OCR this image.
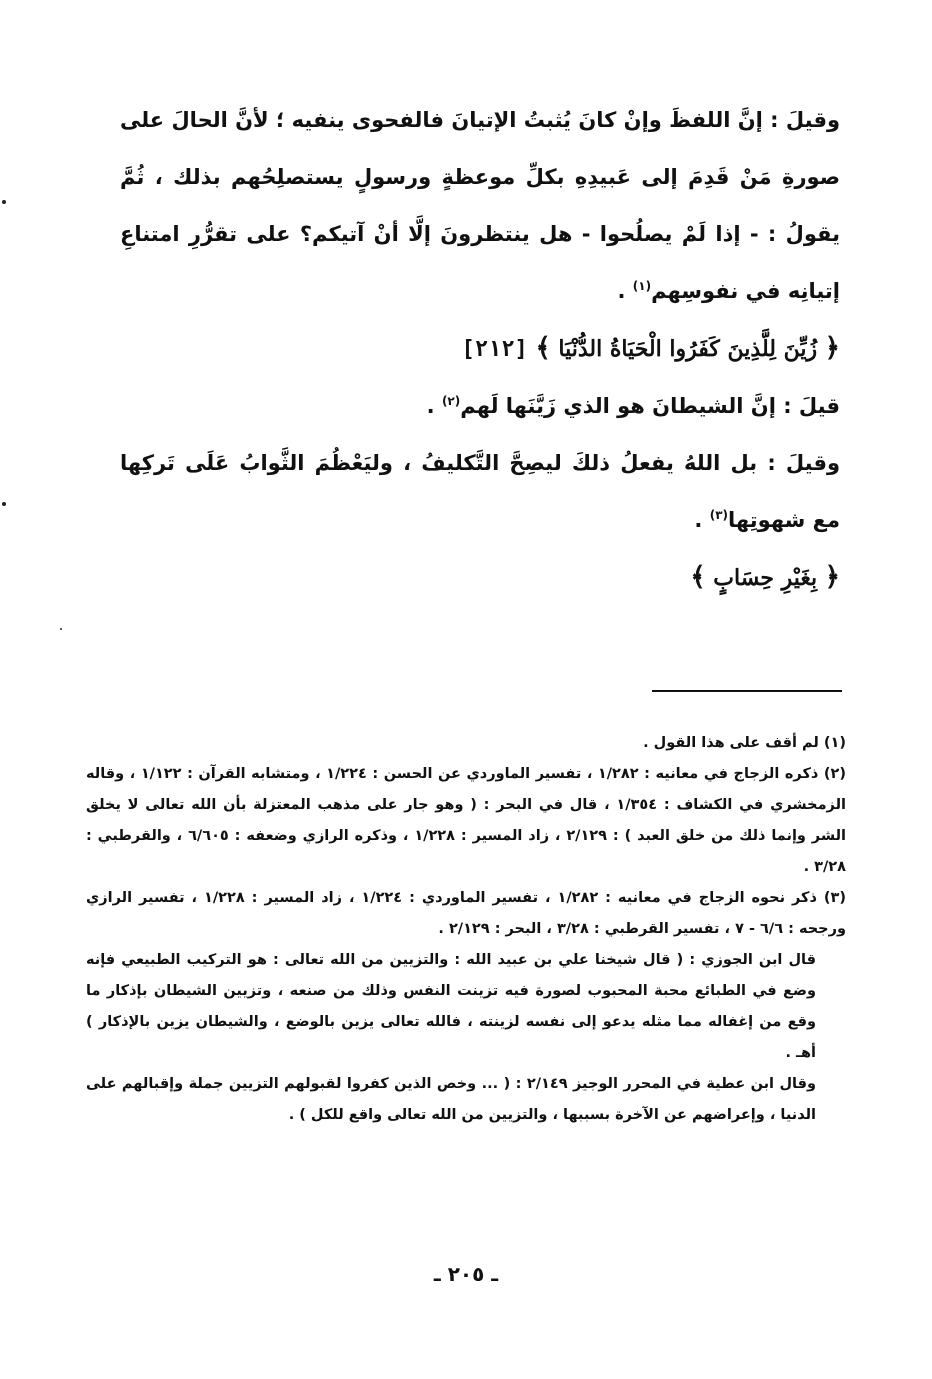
وقيلَ : إنَّ اللفظَ وإنْ كانَ يُثبتُ الإتيانَ فالفحوى ينفيه ؛ لأنَّ الحالَ على صورةِ مَنْ قَدِمَ إلى عَبيدِهِ بكلِّ موعظةٍ ورسولٍ يستصلِحُهم بذلك ، ثُمَّ يقولُ : - إذا لَمْ يصلُحوا - هل ينتظرونَ إلَّا أنْ آتيكم؟ على تقرُّرِ امتناعِ إتيانِه في نفوسِهم$^{(١)}$ .

﴿ زُيِّنَ لِلَّذِينَ كَفَرُوا الْحَيَاةُ الدُّنْيَا ﴾ [٢١٢]

قيلَ : إنَّ الشيطانَ هو الذي زَيَّنَها لَهم$^{(٢)}$ .

وقيلَ : بل اللهُ يفعلُ ذلكَ ليصِحَّ التَّكليفُ ، وليَعْظُمَ الثَّوابُ عَلَى تَركِها مع شهوتِها$^{(٣)}$ .

﴿ بِغَيْرِ حِسَابٍ ﴾

(١) لم أقف على هذا القول .

(٢) ذكره الزجاج في معانيه : ١/٢٨٢ ، تفسير الماوردي عن الحسن : ١/٢٢٤ ، ومتشابه القرآن : ١/١٢٢ ، وقاله الزمخشري في الكشاف : ١/٣٥٤ ، قال في البحر : ( وهو جار على مذهب المعتزلة بأن الله تعالى لا يخلق الشر وإنما ذلك من خلق العبد ) : ٢/١٢٩ ، زاد المسير : ١/٢٢٨ ، وذكره الرازي وضعفه : ٦/٦٠٥ ، والقرطبي : ٣/٢٨ .

(٣) ذكر نحوه الزجاج في معانيه : ١/٢٨٢ ، تفسير الماوردي : ١/٢٢٤ ، زاد المسير : ١/٢٢٨ ، تفسير الرازي ورجحه : ٦/٦ - ٧ ، تفسير القرطبي : ٣/٢٨ ، البحر : ٢/١٢٩ .

قال ابن الجوزي : ( قال شيخنا علي بن عبيد الله : والتزيين من الله تعالى : هو التركيب الطبيعي فإنه وضع في الطبائع محبة المحبوب لصورة فيه تزينت النفس وذلك من صنعه ، وتزيين الشيطان بإذكار ما وقع من إغفاله مما مثله يدعو إلى نفسه لزينته ، فالله تعالى يزين بالوضع ، والشيطان يزين بالإذكار ) أهـ .

وقال ابن عطية في المحرر الوجيز ٢/١٤٩ : ( ... وخص الذين كفروا لقبولهم التزيين جملة وإقبالهم على الدنيا ، وإعراضهم عن الآخرة بسببها ، والتزيين من الله تعالى واقع للكل ) .

ـ ٢٠٥ ـ
